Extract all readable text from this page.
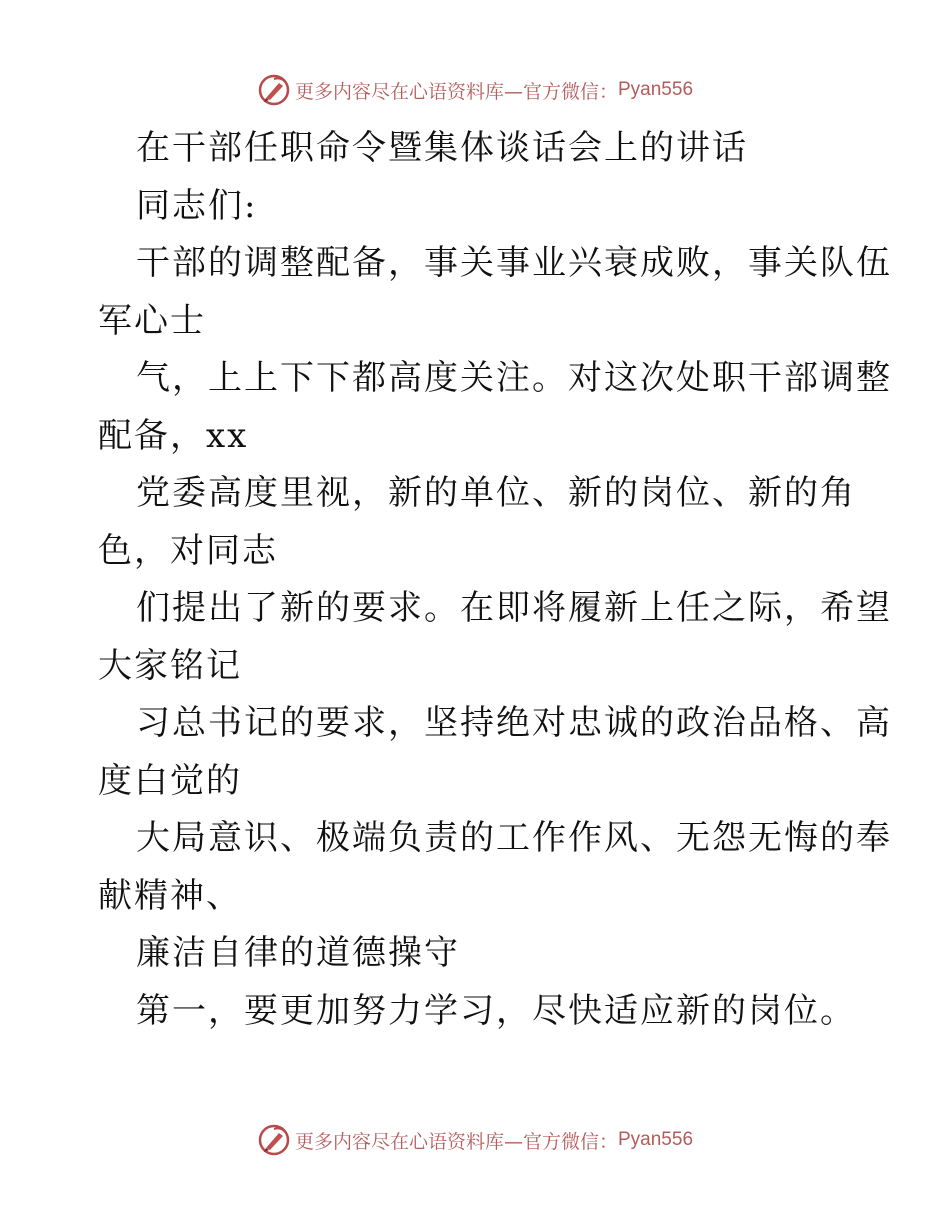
更多内容尽在心语资料库—官方微信： Pyan556
在干部任职命令暨集体谈话会上的讲话
同志们:
干部的调整配备，事关事业兴衰成败，事关队伍
军心士
气，上上下下都高度关注。对这次处职干部调整
配备，xx
党委高度里视，新的单位、新的岗位、新的角
色，对同志
们提出了新的要求。在即将履新上任之际，希望
大家铭记
习总书记的要求，坚持绝对忠诚的政治品格、高
度白觉的
大局意识、极端负责的工作作风、无怨无悔的奉
献精神、
廉洁自律的道德操守
第一，要更加努力学习，尽快适应新的岗位。
更多内容尽在心语资料库—官方微信： Pyan556
